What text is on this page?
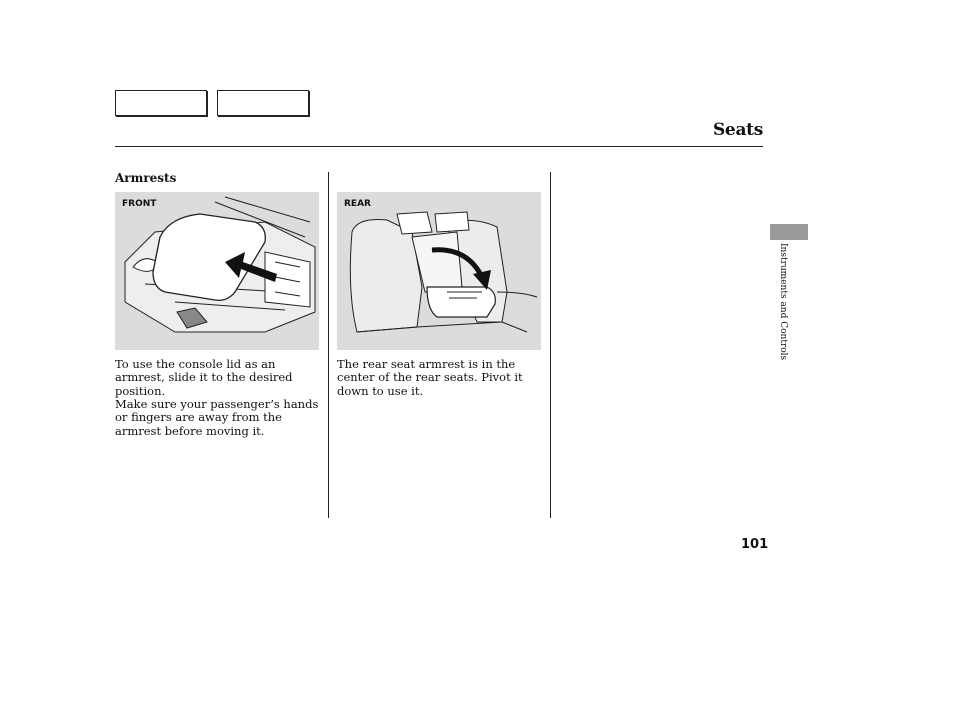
Seats
Armrests
FRONT	REAR

To use the console lid as an armrest, slide it to the desired position.

Make sure your passenger’s hands or fingers are away from the armrest before moving it.

The rear seat armrest is in the center of the rear seats. Pivot it down to use it.

Instruments and Controls
101
